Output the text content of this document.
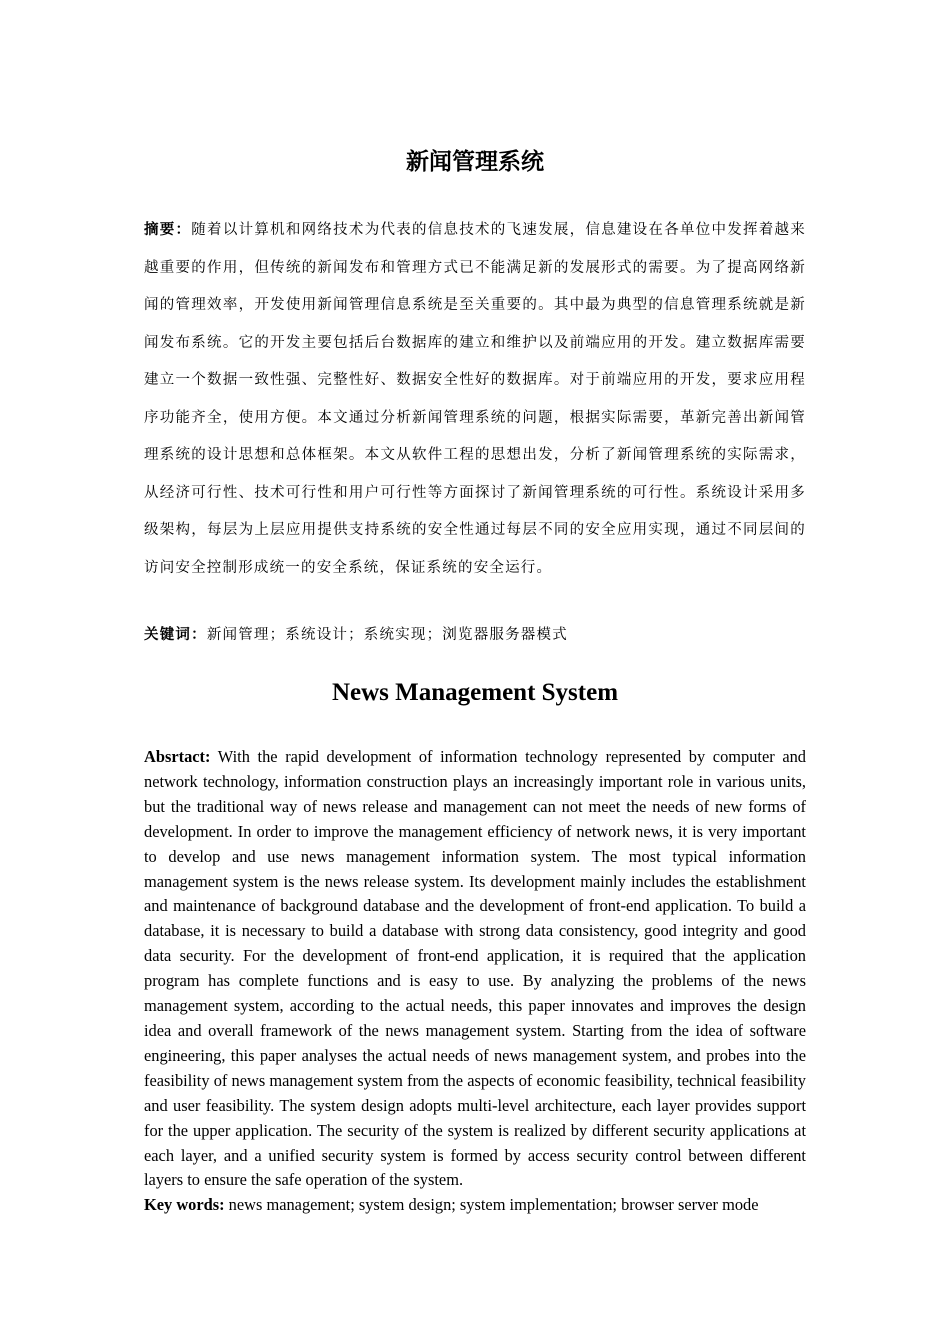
新闻管理系统

摘要：随着以计算机和网络技术为代表的信息技术的飞速发展，信息建设在各单位中发挥着越来越重要的作用，但传统的新闻发布和管理方式已不能满足新的发展形式的需要。为了提高网络新闻的管理效率，开发使用新闻管理信息系统是至关重要的。其中最为典型的信息管理系统就是新闻发布系统。它的开发主要包括后台数据库的建立和维护以及前端应用的开发。建立数据库需要建立一个数据一致性强、完整性好、数据安全性好的数据库。对于前端应用的开发，要求应用程序功能齐全，使用方便。本文通过分析新闻管理系统的问题，根据实际需要，革新完善出新闻管理系统的设计思想和总体框架。本文从软件工程的思想出发，分析了新闻管理系统的实际需求，从经济可行性、技术可行性和用户可行性等方面探讨了新闻管理系统的可行性。系统设计采用多级架构，每层为上层应用提供支持系统的安全性通过每层不同的安全应用实现，通过不同层间的访问安全控制形成统一的安全系统，保证系统的安全运行。

关键词：新闻管理；系统设计；系统实现；浏览器服务器模式

News Management System

Absrtact: With the rapid development of information technology represented by computer and network technology, information construction plays an increasingly important role in various units, but the traditional way of news release and management can not meet the needs of new forms of development. In order to improve the management efficiency of network news, it is very important to develop and use news management information system. The most typical information management system is the news release system. Its development mainly includes the establishment and maintenance of background database and the development of front-end application. To build a database, it is necessary to build a database with strong data consistency, good integrity and good data security. For the development of front-end application, it is required that the application program has complete functions and is easy to use. By analyzing the problems of the news management system, according to the actual needs, this paper innovates and improves the design idea and overall framework of the news management system. Starting from the idea of software engineering, this paper analyses the actual needs of news management system, and probes into the feasibility of news management system from the aspects of economic feasibility, technical feasibility and user feasibility. The system design adopts multi-level architecture, each layer provides support for the upper application. The security of the system is realized by different security applications at each layer, and a unified security system is formed by access security control between different layers to ensure the safe operation of the system.

Key words: news management; system design; system implementation; browser server mode
